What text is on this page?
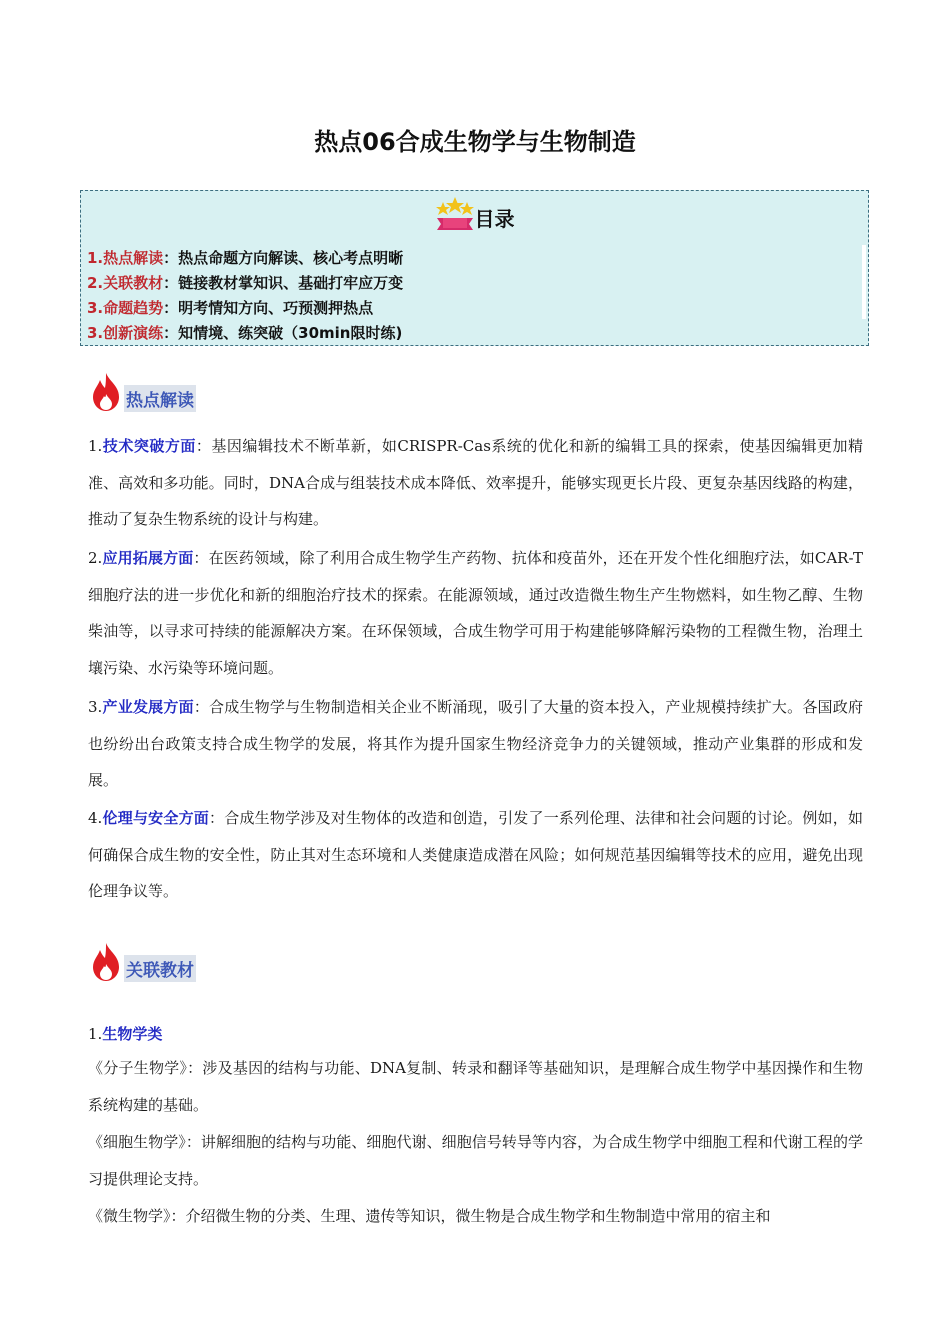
热点06合成生物学与生物制造
目录
1.热点解读：热点命题方向解读、核心考点明晰
2.关联教材：链接教材掌知识、基础打牢应万变
3.命题趋势：明考情知方向、巧预测押热点
3.创新演练：知情境、练突破（30min限时练)
热点解读

1.技术突破方面：基因编辑技术不断革新，如CRISPR-Cas系统的优化和新的编辑工具的探索，使基因编辑更加精准、高效和多功能。同时，DNA合成与组装技术成本降低、效率提升，能够实现更长片段、更复杂基因线路的构建，推动了复杂生物系统的设计与构建。

2.应用拓展方面：在医药领域，除了利用合成生物学生产药物、抗体和疫苗外，还在开发个性化细胞疗法，如CAR-T细胞疗法的进一步优化和新的细胞治疗技术的探索。在能源领域，通过改造微生物生产生物燃料，如生物乙醇、生物柴油等，以寻求可持续的能源解决方案。在环保领域，合成生物学可用于构建能够降解污染物的工程微生物，治理土壤污染、水污染等环境问题。

3.产业发展方面：合成生物学与生物制造相关企业不断涌现，吸引了大量的资本投入，产业规模持续扩大。各国政府也纷纷出台政策支持合成生物学的发展，将其作为提升国家生物经济竞争力的关键领域，推动产业集群的形成和发展。

4.伦理与安全方面：合成生物学涉及对生物体的改造和创造，引发了一系列伦理、法律和社会问题的讨论。例如，如何确保合成生物的安全性，防止其对生态环境和人类健康造成潜在风险；如何规范基因编辑等技术的应用，避免出现伦理争议等。

关联教材

1.生物学类

《分子生物学》：涉及基因的结构与功能、DNA复制、转录和翻译等基础知识，是理解合成生物学中基因操作和生物系统构建的基础。

《细胞生物学》：讲解细胞的结构与功能、细胞代谢、细胞信号转导等内容，为合成生物学中细胞工程和代谢工程的学习提供理论支持。

《微生物学》：介绍微生物的分类、生理、遗传等知识，微生物是合成生物学和生物制造中常用的宿主和
